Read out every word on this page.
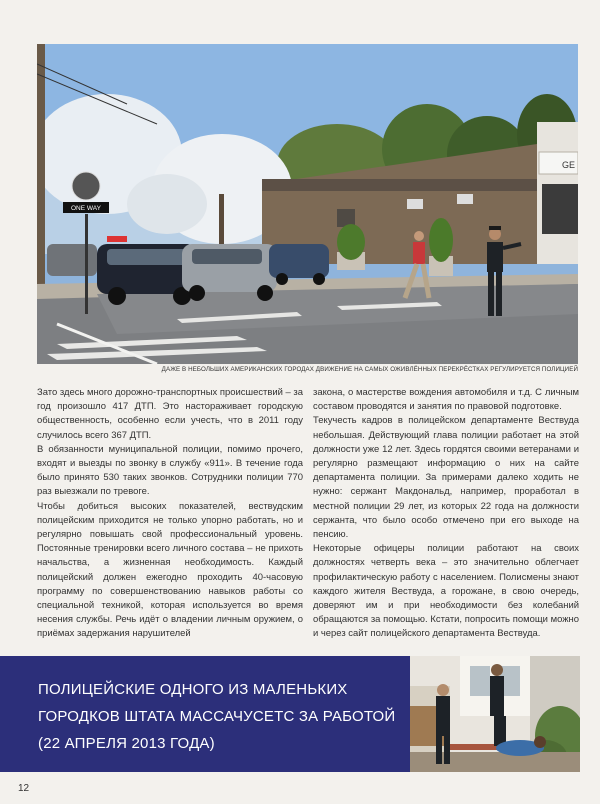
GE
ONE WAY
ДАЖЕ В НЕБОЛЬШИХ АМЕРИКАНСКИХ ГОРОДАХ ДВИЖЕНИЕ НА САМЫХ ОЖИВЛЁННЫХ ПЕРЕКРЁСТКАХ РЕГУЛИРУЕТСЯ ПОЛИЦИЕЙ

Зато здесь много дорожно-транспортных происшествий – за год произошло 417 ДТП. Это настораживает городскую общественность, особенно если учесть, что в 2011 году случилось всего 367 ДТП.

В обязанности муниципальной полиции, помимо прочего, входят и выезды по звонку в службу «911». В течение года было принято 530 таких звонков. Сотрудники полиции 770 раз выезжали по тревоге.

Чтобы добиться высоких показателей, вествудским полицейским приходится не только упорно работать, но и регулярно повышать свой профессиональный уровень. Постоянные тренировки всего личного состава – не прихоть начальства, а жизненная необходимость. Каждый полицейский должен ежегодно проходить 40-часовую программу по совершенствованию навыков работы со специальной техникой, которая используется во время несения службы. Речь идёт о владении личным оружием, о приёмах задержания нарушителей

закона, о мастерстве вождения автомобиля и т.д. С личным составом проводятся и занятия по правовой подготовке.

Текучесть кадров в полицейском департаменте Вествуда небольшая. Действующий глава полиции работает на этой должности уже 12 лет. Здесь гордятся своими ветеранами и регулярно размещают информацию о них на сайте департамента полиции. За примерами далеко ходить не нужно: сержант Макдональд, например, проработал в местной полиции 29 лет, из которых 22 года на должности сержанта, что было особо отмечено при его выходе на пенсию.

Некоторые офицеры полиции работают на своих должностях четверть века – это значительно облегчает профилактическую работу с населением. Полисмены знают каждого жителя Вествуда, а горожане, в свою очередь, доверяют им и при необходимости без колебаний обращаются за помощью. Кстати, попросить помощи можно и через сайт полицейского департамента Вествуда.

ПОЛИЦЕЙСКИЕ ОДНОГО ИЗ МАЛЕНЬКИХ ГОРОДКОВ ШТАТА МАССАЧУСЕТС ЗА РАБОТОЙ (22 АПРЕЛЯ 2013 ГОДА)
12
